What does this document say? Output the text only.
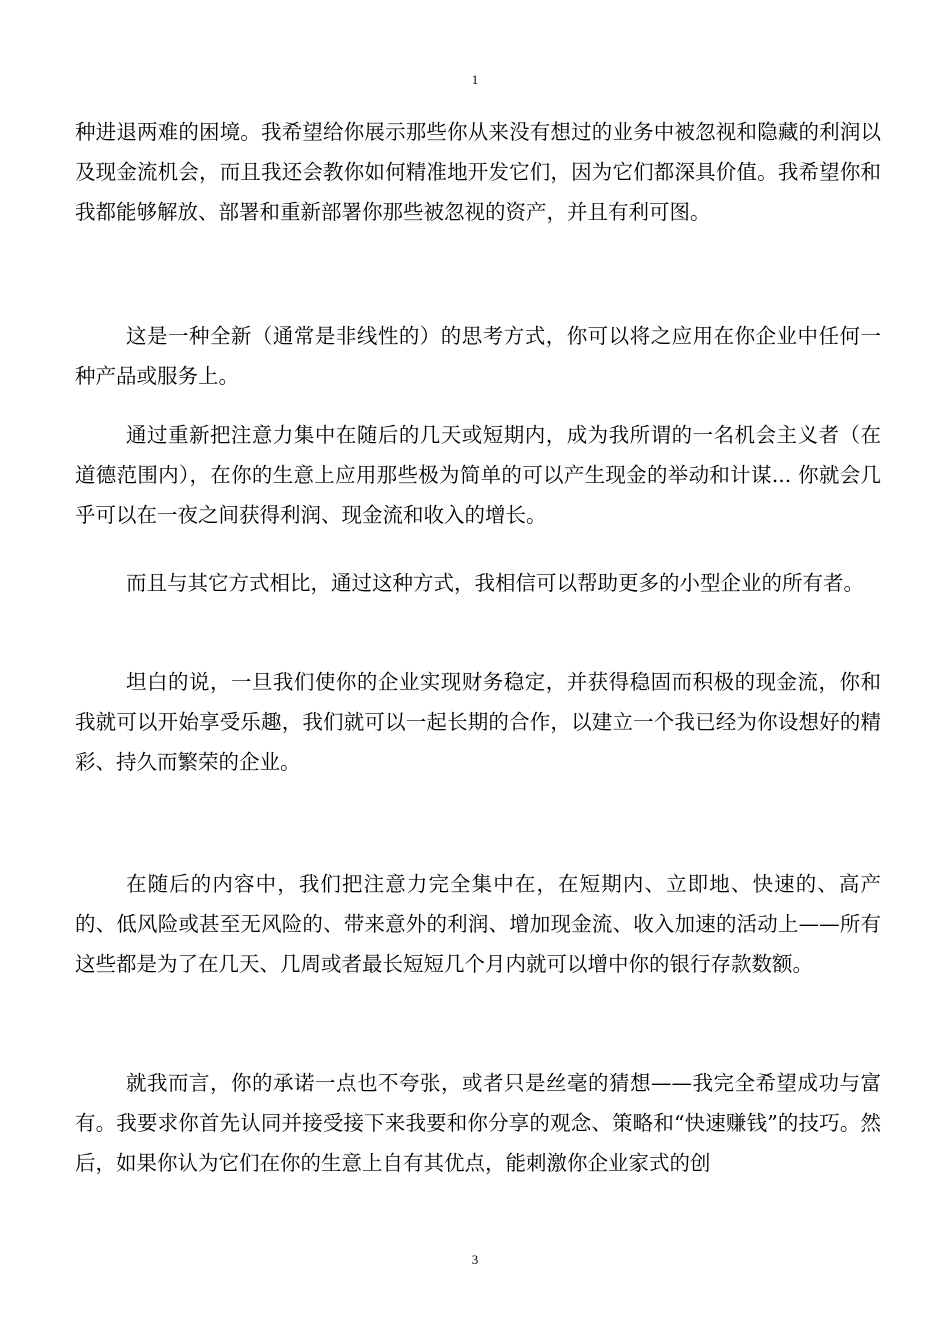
1

种进退两难的困境。我希望给你展示那些你从来没有想过的业务中被忽视和隐藏的利润以及现金流机会，而且我还会教你如何精准地开发它们，因为它们都深具价值。我希望你和我都能够解放、部署和重新部署你那些被忽视的资产，并且有利可图。

这是一种全新（通常是非线性的）的思考方式，你可以将之应用在你企业中任何一种产品或服务上。

通过重新把注意力集中在随后的几天或短期内，成为我所谓的一名机会主义者（在道德范围内），在你的生意上应用那些极为简单的可以产生现金的举动和计谋... 你就会几乎可以在一夜之间获得利润、现金流和收入的增长。

而且与其它方式相比，通过这种方式，我相信可以帮助更多的小型企业的所有者。

坦白的说，一旦我们使你的企业实现财务稳定，并获得稳固而积极的现金流，你和我就可以开始享受乐趣，我们就可以一起长期的合作，以建立一个我已经为你设想好的精彩、持久而繁荣的企业。

在随后的内容中，我们把注意力完全集中在，在短期内、立即地、快速的、高产的、低风险或甚至无风险的、带来意外的利润、增加现金流、收入加速的活动上——所有这些都是为了在几天、几周或者最长短短几个月内就可以增中你的银行存款数额。

就我而言，你的承诺一点也不夸张，或者只是丝毫的猜想——我完全希望成功与富有。我要求你首先认同并接受接下来我要和你分享的观念、策略和“快速赚钱”的技巧。然后，如果你认为它们在你的生意上自有其优点，能刺激你企业家式的创

3
